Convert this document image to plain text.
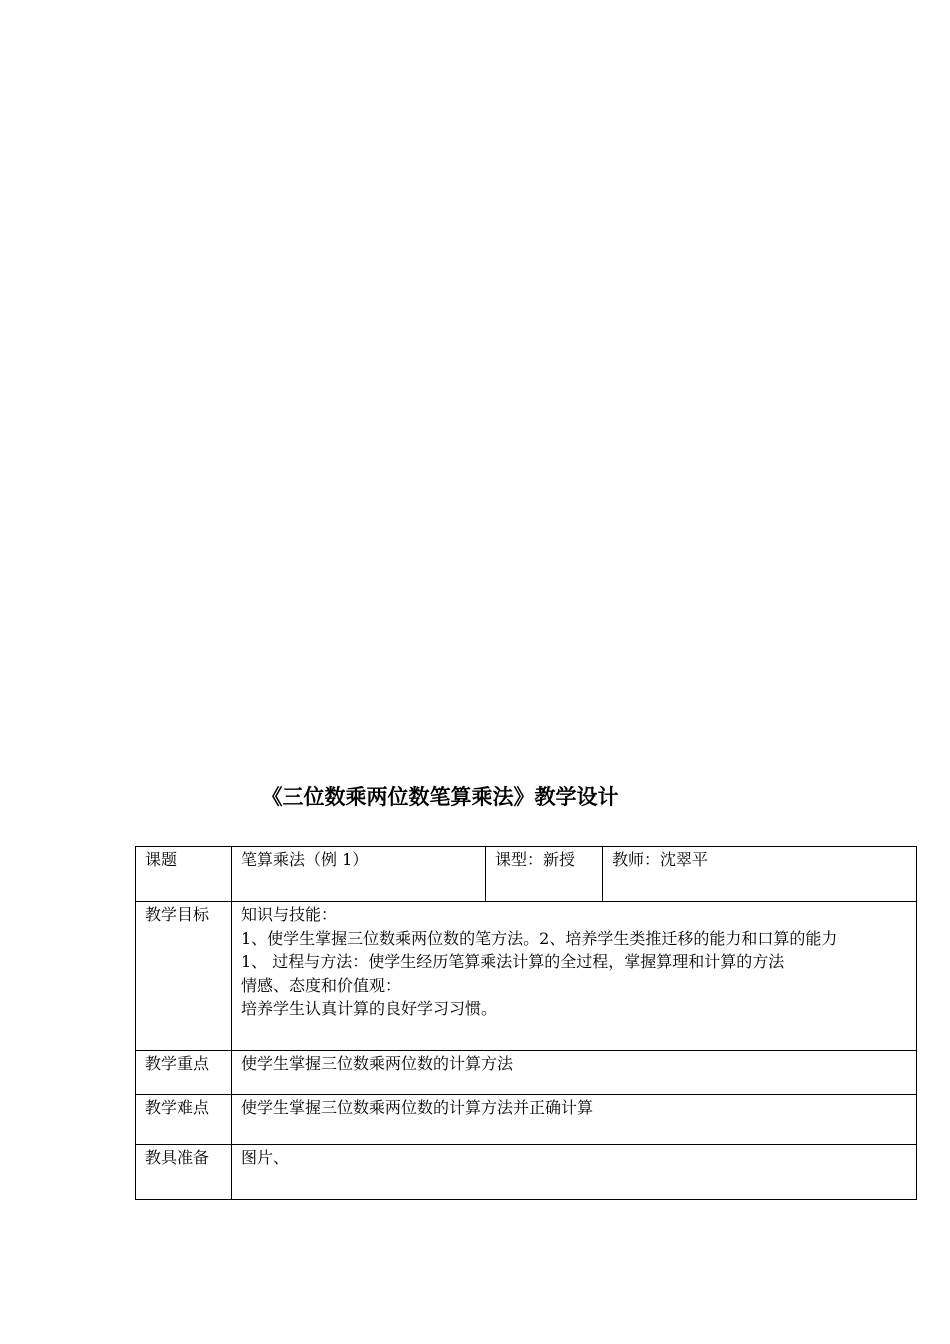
《三位数乘两位数笔算乘法》教学设计
课题	笔算乘法（例 1）	课型：新授	教师：沈翠平
教学目标	知识与技能：
1、使学生掌握三位数乘两位数的笔方法。2、培养学生类推迁移的能力和口算的能力
1、 过程与方法：使学生经历笔算乘法计算的全过程，掌握算理和计算的方法
情感、态度和价值观：
培养学生认真计算的良好学习习惯。		

教学重点	使学生掌握三位数乘两位数的计算方法		
教学难点	使学生掌握三位数乘两位数的计算方法并正确计算		
教具准备	图片、		
